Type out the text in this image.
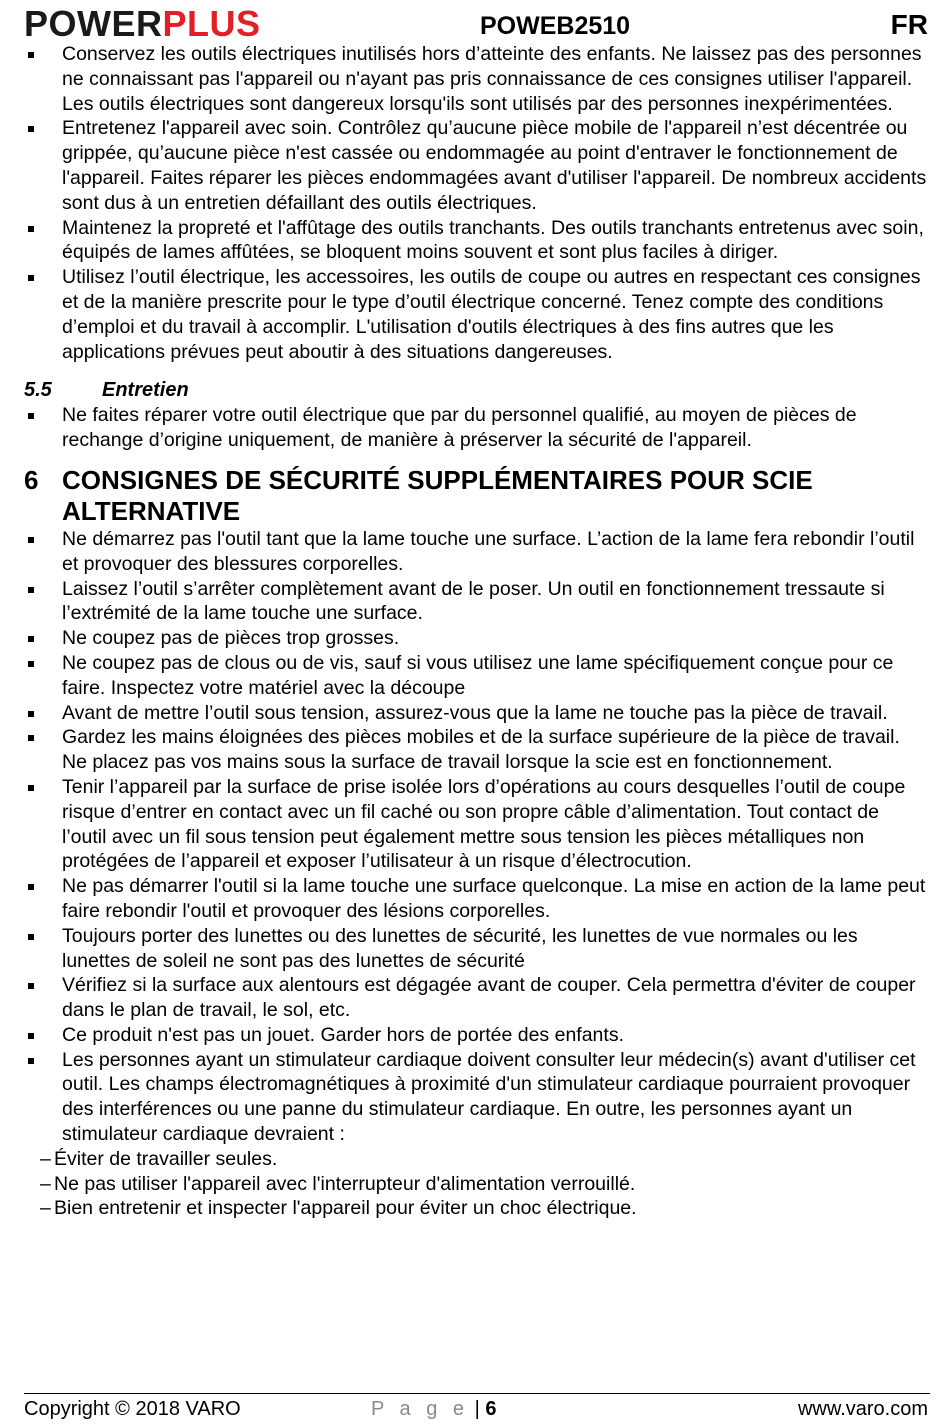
POWERPLUS	POWEB2510	FR
Conservez les outils électriques inutilisés hors d’atteinte des enfants. Ne laissez pas des personnes ne connaissant pas l'appareil ou n'ayant pas pris connaissance de ces consignes utiliser l'appareil. Les outils électriques sont dangereux lorsqu'ils sont utilisés par des personnes inexpérimentées.
Entretenez l'appareil avec soin. Contrôlez qu’aucune pièce mobile de l'appareil n’est décentrée ou grippée, qu’aucune pièce n'est cassée ou endommagée au point d'entraver le fonctionnement de l'appareil. Faites réparer les pièces endommagées avant d'utiliser l'appareil. De nombreux accidents sont dus à un entretien défaillant des outils électriques.
Maintenez la propreté et l'affûtage des outils tranchants. Des outils tranchants entretenus avec soin, équipés de lames affûtées, se bloquent moins souvent et sont plus faciles à diriger.
Utilisez l’outil électrique, les accessoires, les outils de coupe ou autres en respectant ces consignes et de la manière prescrite pour le type d’outil électrique concerné. Tenez compte des conditions d’emploi et du travail à accomplir. L'utilisation d'outils électriques à des fins autres que les applications prévues peut aboutir à des situations dangereuses.
5.5	Entretien
Ne faites réparer votre outil électrique que par du personnel qualifié, au moyen de pièces de rechange d’origine uniquement, de manière à préserver la sécurité de l'appareil.
6 CONSIGNES DE SÉCURITÉ SUPPLÉMENTAIRES POUR SCIE ALTERNATIVE
Ne démarrez pas l'outil tant que la lame touche une surface. L’action de la lame fera rebondir l’outil et provoquer des blessures corporelles.
Laissez l’outil s’arrêter complètement avant de le poser. Un outil en fonctionnement tressaute si l’extrémité de la lame touche une surface.
Ne coupez pas de pièces trop grosses.
Ne coupez pas de clous ou de vis, sauf si vous utilisez une lame spécifiquement conçue pour ce faire. Inspectez votre matériel avec la découpe
Avant de mettre l’outil sous tension, assurez-vous que la lame ne touche pas la pièce de travail.
Gardez les mains éloignées des pièces mobiles et de la surface supérieure de la pièce de travail. Ne placez pas vos mains sous la surface de travail lorsque la scie est en fonctionnement.
Tenir l’appareil par la surface de prise isolée lors d’opérations au cours desquelles l’outil de coupe risque d’entrer en contact avec un fil caché ou son propre câble d’alimentation. Tout contact de l’outil avec un fil sous tension peut également mettre sous tension les pièces métalliques non protégées de l’appareil et exposer l’utilisateur à un risque d’électrocution.
Ne pas démarrer l'outil si la lame touche une surface quelconque. La mise en action de la lame peut faire rebondir l'outil et provoquer des lésions corporelles.
Toujours porter des lunettes ou des lunettes de sécurité, les lunettes de vue normales ou les lunettes de soleil ne sont pas des lunettes de sécurité
Vérifiez si la surface aux alentours est dégagée avant de couper. Cela permettra d'éviter de couper dans le plan de travail, le sol, etc.
Ce produit n'est pas un jouet. Garder hors de portée des enfants.
Les personnes ayant un stimulateur cardiaque doivent consulter leur médecin(s) avant d'utiliser cet outil. Les champs électromagnétiques à proximité d'un stimulateur cardiaque pourraient provoquer des interférences ou une panne du stimulateur cardiaque. En outre, les personnes ayant un stimulateur cardiaque devraient :
– Éviter de travailler seules.
– Ne pas utiliser l'appareil avec l'interrupteur d'alimentation verrouillé.
– Bien entretenir et inspecter l'appareil pour éviter un choc électrique.
Copyright © 2018 VARO	P a g e | 6	www.varo.com
